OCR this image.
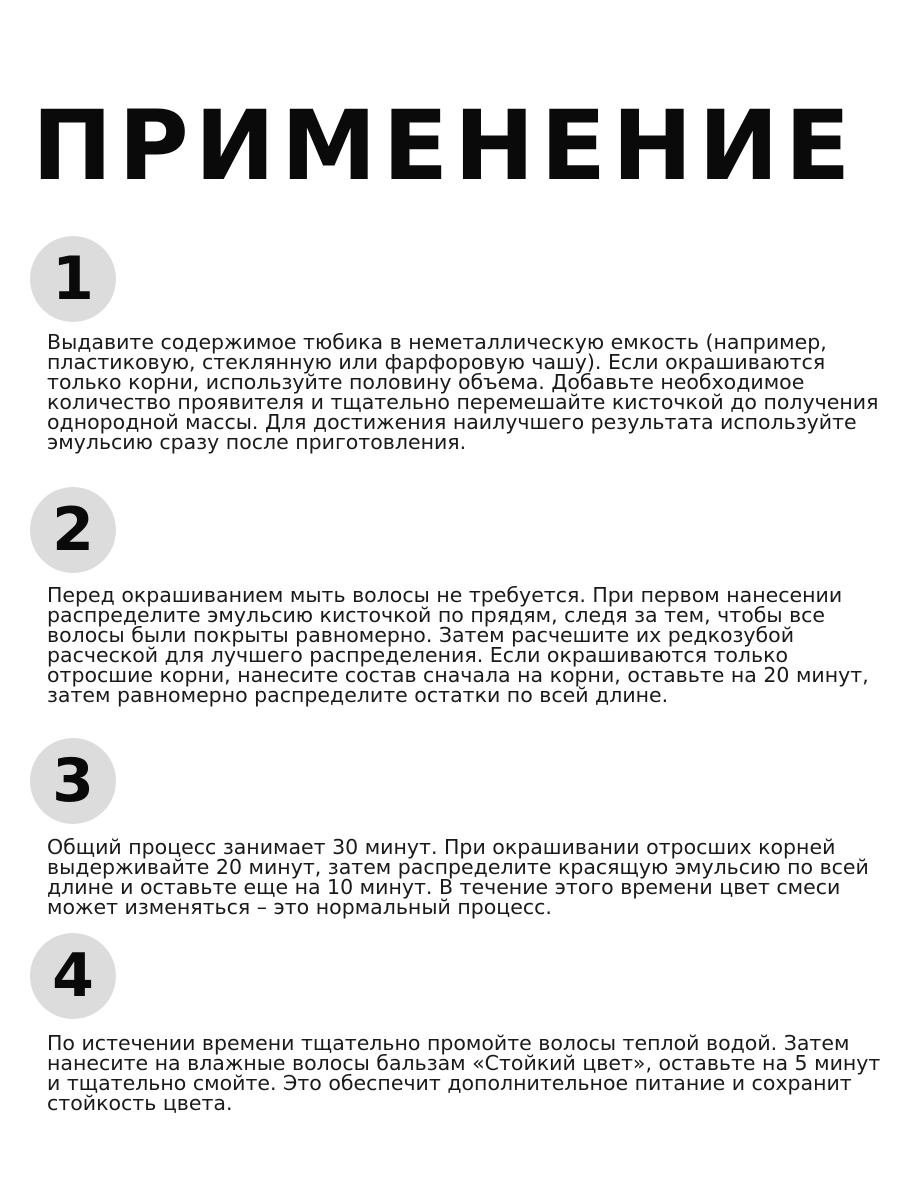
ПРИМЕНЕНИЕ
1

Выдавите содержимое тюбика в неметаллическую емкость (например, пластиковую, стеклянную или фарфоровую чашу). Если окрашиваются только корни, используйте половину объема. Добавьте необходимое количество проявителя и тщательно перемешайте кисточкой до получения однородной массы. Для достижения наилучшего результата используйте эмульсию сразу после приготовления.

2

Перед окрашиванием мыть волосы не требуется. При первом нанесении распределите эмульсию кисточкой по прядям, следя за тем, чтобы все волосы были покрыты равномерно. Затем расчешите их редкозубой расческой для лучшего распределения. Если окрашиваются только отросшие корни, нанесите состав сначала на корни, оставьте на 20 минут, затем равномерно распределите остатки по всей длине.

3

Общий процесс занимает 30 минут. При окрашивании отросших корней выдерживайте 20 минут, затем распределите красящую эмульсию по всей длине и оставьте еще на 10 минут. В течение этого времени цвет смеси может изменяться – это нормальный процесс.

4

По истечении времени тщательно промойте волосы теплой водой. Затем нанесите на влажные волосы бальзам «Стойкий цвет», оставьте на 5 минут и тщательно смойте. Это обеспечит дополнительное питание и сохранит стойкость цвета.
